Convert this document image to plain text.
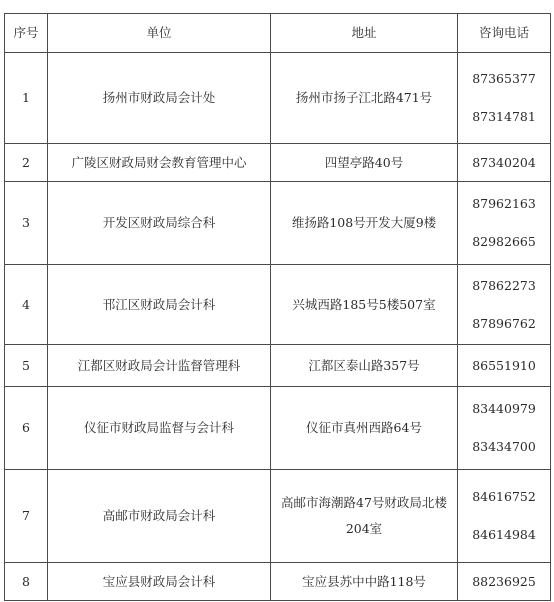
序号	单位	地址	咨询电话
1	扬州市财政局会计处	扬州市扬子江北路471号	87365377
87314781

2	广陵区财政局财会教育管理中心	四望亭路40号	87340204

3	开发区财政局综合科	维扬路108号开发大厦9楼	87962163
82982665

4	邗江区财政局会计科	兴城西路185号5楼507室	87862273
87896762

5	江都区财政局会计监督管理科	江都区泰山路357号	86551910

6	仪征市财政局监督与会计科	仪征市真州西路64号	83440979
83434700

7	高邮市财政局会计科	高邮市海潮路47号财政局北楼204室	84616752
84614984

8	宝应县财政局会计科	宝应县苏中中路118号	88236925
